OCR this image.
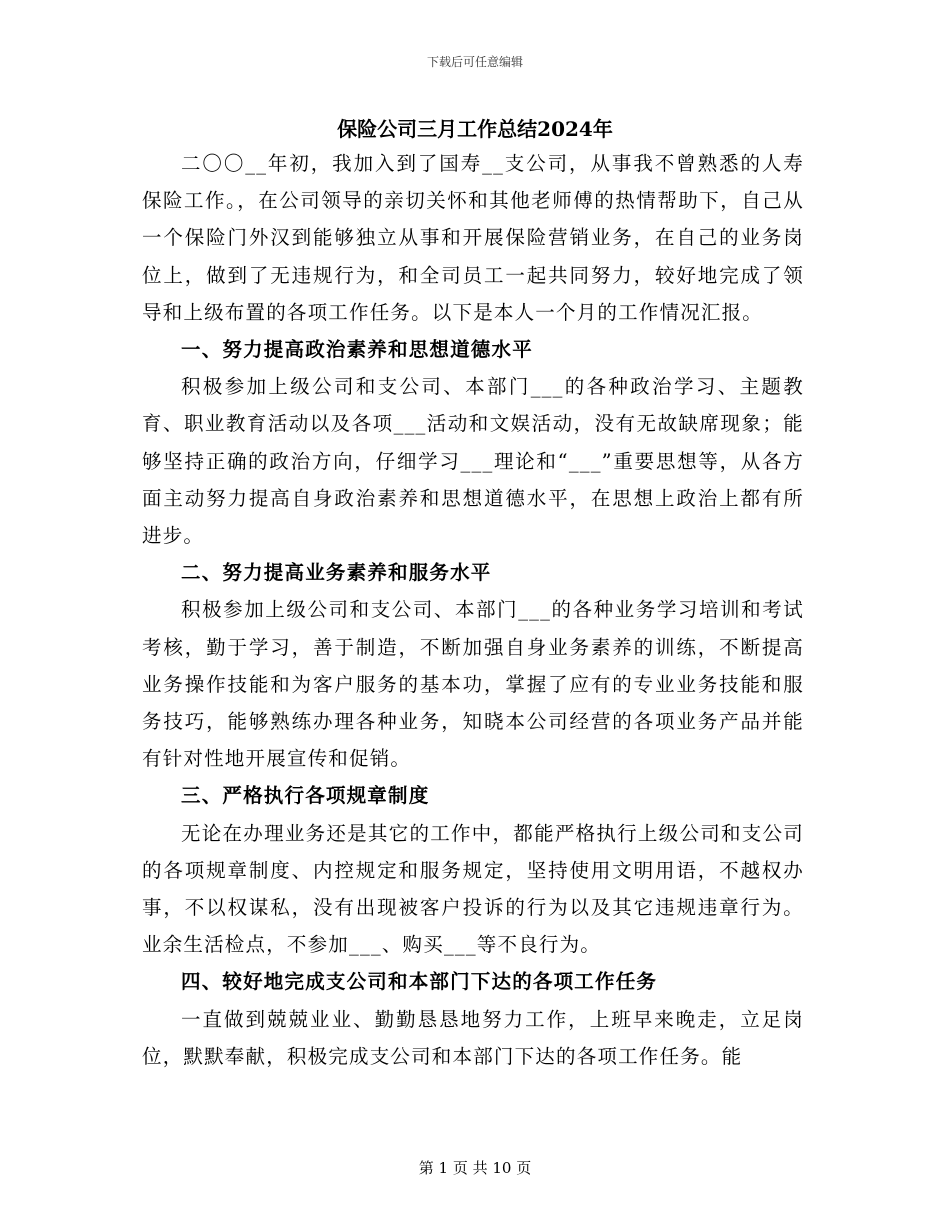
下载后可任意编辑
保险公司三月工作总结2024年

二〇〇__年初，我加入到了国寿__支公司，从事我不曾熟悉的人寿保险工作。，在公司领导的亲切关怀和其他老师傅的热情帮助下，自己从一个保险门外汉到能够独立从事和开展保险营销业务，在自己的业务岗位上，做到了无违规行为，和全司员工一起共同努力，较好地完成了领导和上级布置的各项工作任务。以下是本人一个月的工作情况汇报。

一、努力提高政治素养和思想道德水平

积极参加上级公司和支公司、本部门___的各种政治学习、主题教育、职业教育活动以及各项___活动和文娱活动，没有无故缺席现象；能够坚持正确的政治方向，仔细学习___理论和“___”重要思想等，从各方面主动努力提高自身政治素养和思想道德水平，在思想上政治上都有所进步。

二、努力提高业务素养和服务水平

积极参加上级公司和支公司、本部门___的各种业务学习培训和考试考核，勤于学习，善于制造，不断加强自身业务素养的训练，不断提高业务操作技能和为客户服务的基本功，掌握了应有的专业业务技能和服务技巧，能够熟练办理各种业务，知晓本公司经营的各项业务产品并能有针对性地开展宣传和促销。

三、严格执行各项规章制度

无论在办理业务还是其它的工作中，都能严格执行上级公司和支公司的各项规章制度、内控规定和服务规定，坚持使用文明用语，不越权办事，不以权谋私，没有出现被客户投诉的行为以及其它违规违章行为。业余生活检点，不参加___、购买___等不良行为。

四、较好地完成支公司和本部门下达的各项工作任务

一直做到兢兢业业、勤勤恳恳地努力工作，上班早来晚走，立足岗位，默默奉献，积极完成支公司和本部门下达的各项工作任务。能

第 1 页 共 10 页
